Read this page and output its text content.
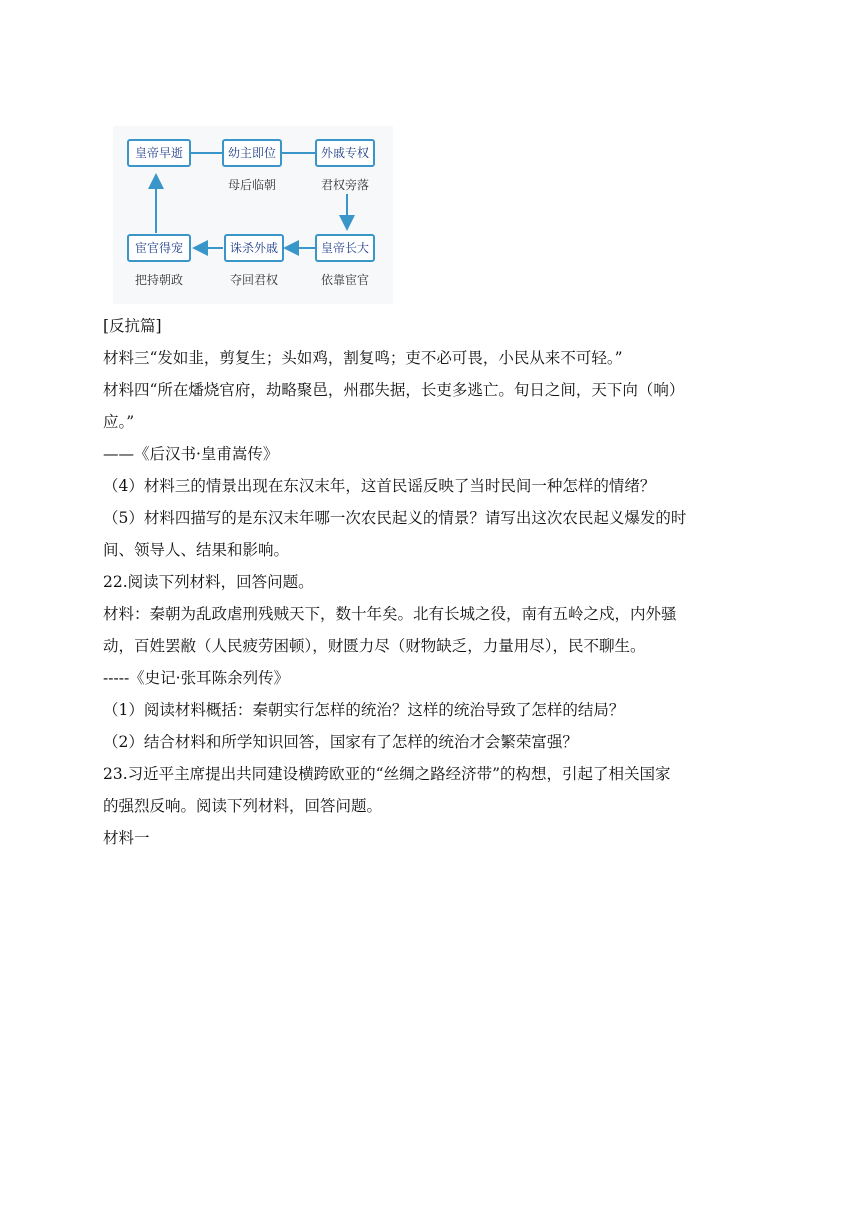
皇帝早逝	幼主即位	外戚专权
皇帝长大
诛杀外戚
宦官得宠
母后临朝	君权旁落
依靠宦官
夺回君权
把持朝政
[反抗篇]
材料三“发如韭，剪复生；头如鸡，割复鸣；吏不必可畏，小民从来不可轻。”
材料四“所在燔烧官府，劫略聚邑，州郡失据，长吏多逃亡。旬日之间，天下向（响）
应。”
——《后汉书·皇甫嵩传》
（4）材料三的情景出现在东汉末年，这首民谣反映了当时民间一种怎样的情绪？
（5）材料四描写的是东汉末年哪一次农民起义的情景？请写出这次农民起义爆发的时
间、领导人、结果和影响。
22.阅读下列材料，回答问题。
材料：秦朝为乱政虐刑残贼天下，数十年矣。北有长城之役，南有五岭之戍，内外骚
动，百姓罢敝（人民疲劳困顿），财匮力尽（财物缺乏，力量用尽），民不聊生。
-----《史记·张耳陈余列传》
（1）阅读材料概括：秦朝实行怎样的统治？这样的统治导致了怎样的结局？
（2）结合材料和所学知识回答，国家有了怎样的统治才会繁荣富强？
23.习近平主席提出共同建设横跨欧亚的“丝绸之路经济带”的构想，引起了相关国家
的强烈反响。阅读下列材料，回答问题。
材料一
